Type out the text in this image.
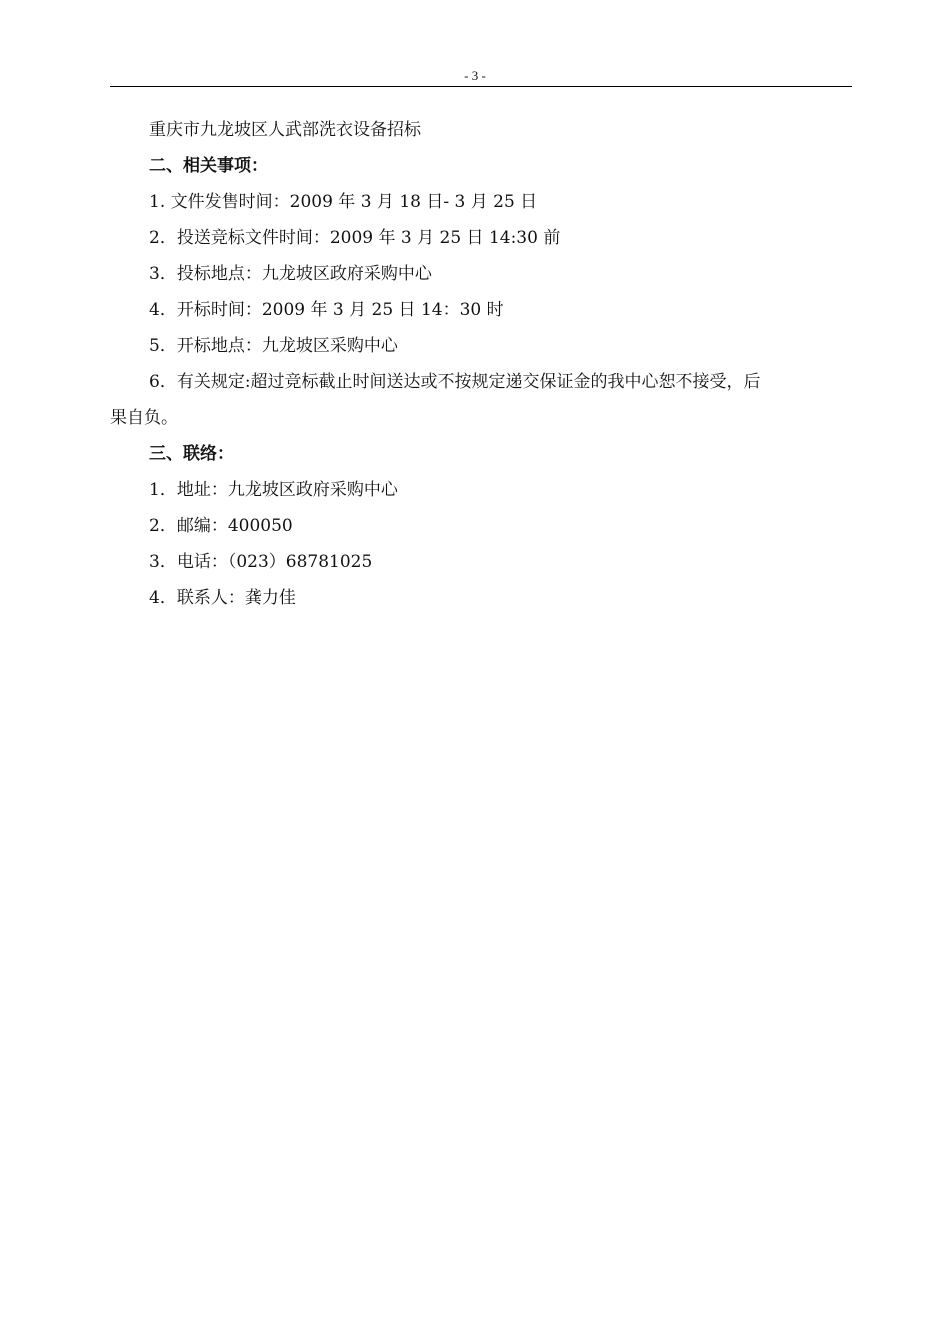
- 3 -

重庆市九龙坡区人武部洗衣设备招标

二、相关事项：

1. 文件发售时间：2009 年 3 月 18 日- 3 月 25 日

2．投送竞标文件时间：2009 年 3 月 25 日 14:30 前

3．投标地点：九龙坡区政府采购中心

4．开标时间：2009 年 3 月 25 日 14：30 时

5．开标地点：九龙坡区采购中心

6．有关规定:超过竞标截止时间送达或不按规定递交保证金的我中心恕不接受，后

果自负。

三、联络：

1．地址：九龙坡区政府采购中心

2．邮编：400050

3．电话：（023）68781025

4．联系人：龚力佳
